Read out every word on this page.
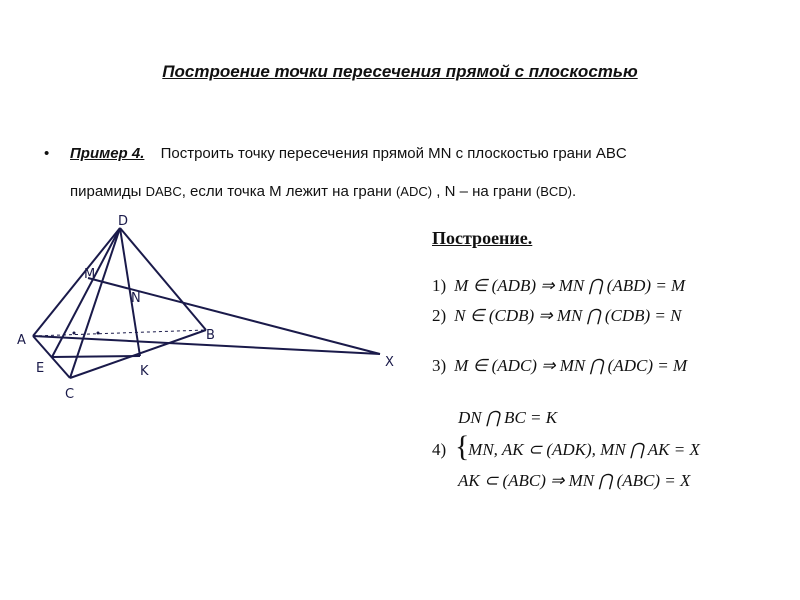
Построение точки пересечения прямой с плоскостью
• Пример 4. Построить точку пересечения прямой MN с плоскостью грани ABC
пирамиды DABC, если точка M лежит на грани (ADC) , N – на грани (BCD).
D
M
N
A	B
E
C
K
X
Построение.
1) M ∈ (ADB) ⇒ MN ⋂ (ABD) = M
2) N ∈ (CDB) ⇒ MN ⋂ (CDB) = N
3) M ∈ (ADC) ⇒ MN ⋂ (ADC) = M
DN ⋂ BC = K
{
4) MN, AK ⊂ (ADK), MN ⋂ AK = X
AK ⊂ (ABC) ⇒ MN ⋂ (ABC) = X
